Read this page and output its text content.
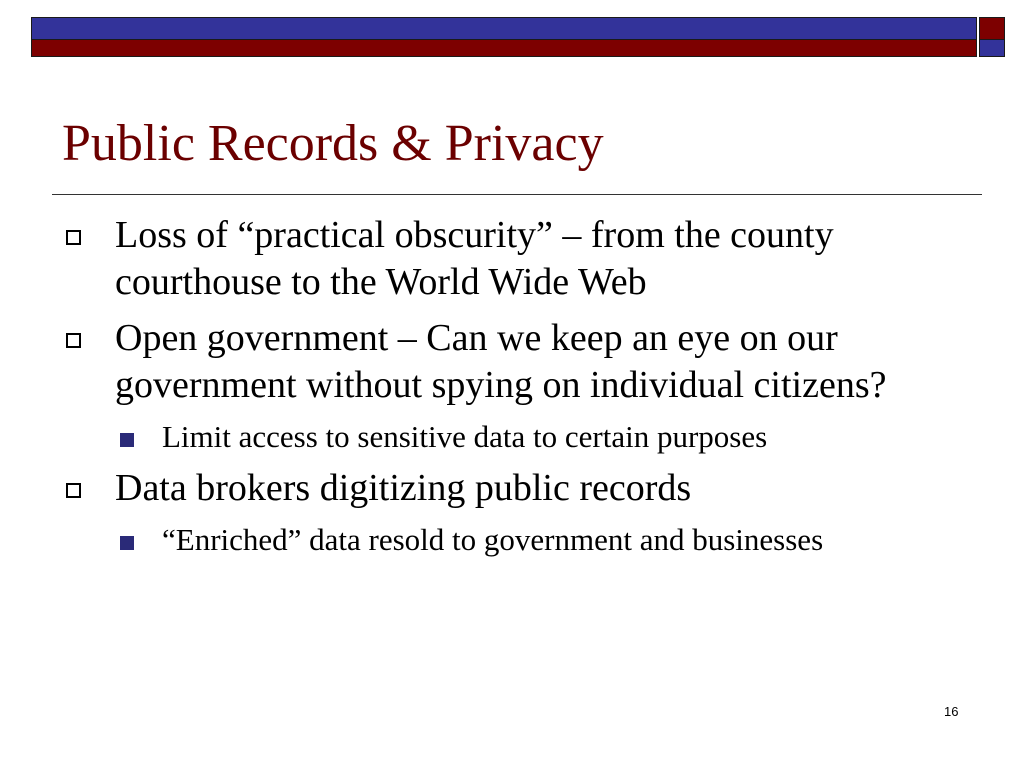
Public Records & Privacy
Loss of “practical obscurity” – from the county courthouse to the World Wide Web
Open government – Can we keep an eye on our government without spying on individual citizens?
Limit access to sensitive data to certain purposes
Data brokers digitizing public records
“Enriched” data resold to government and businesses
16
